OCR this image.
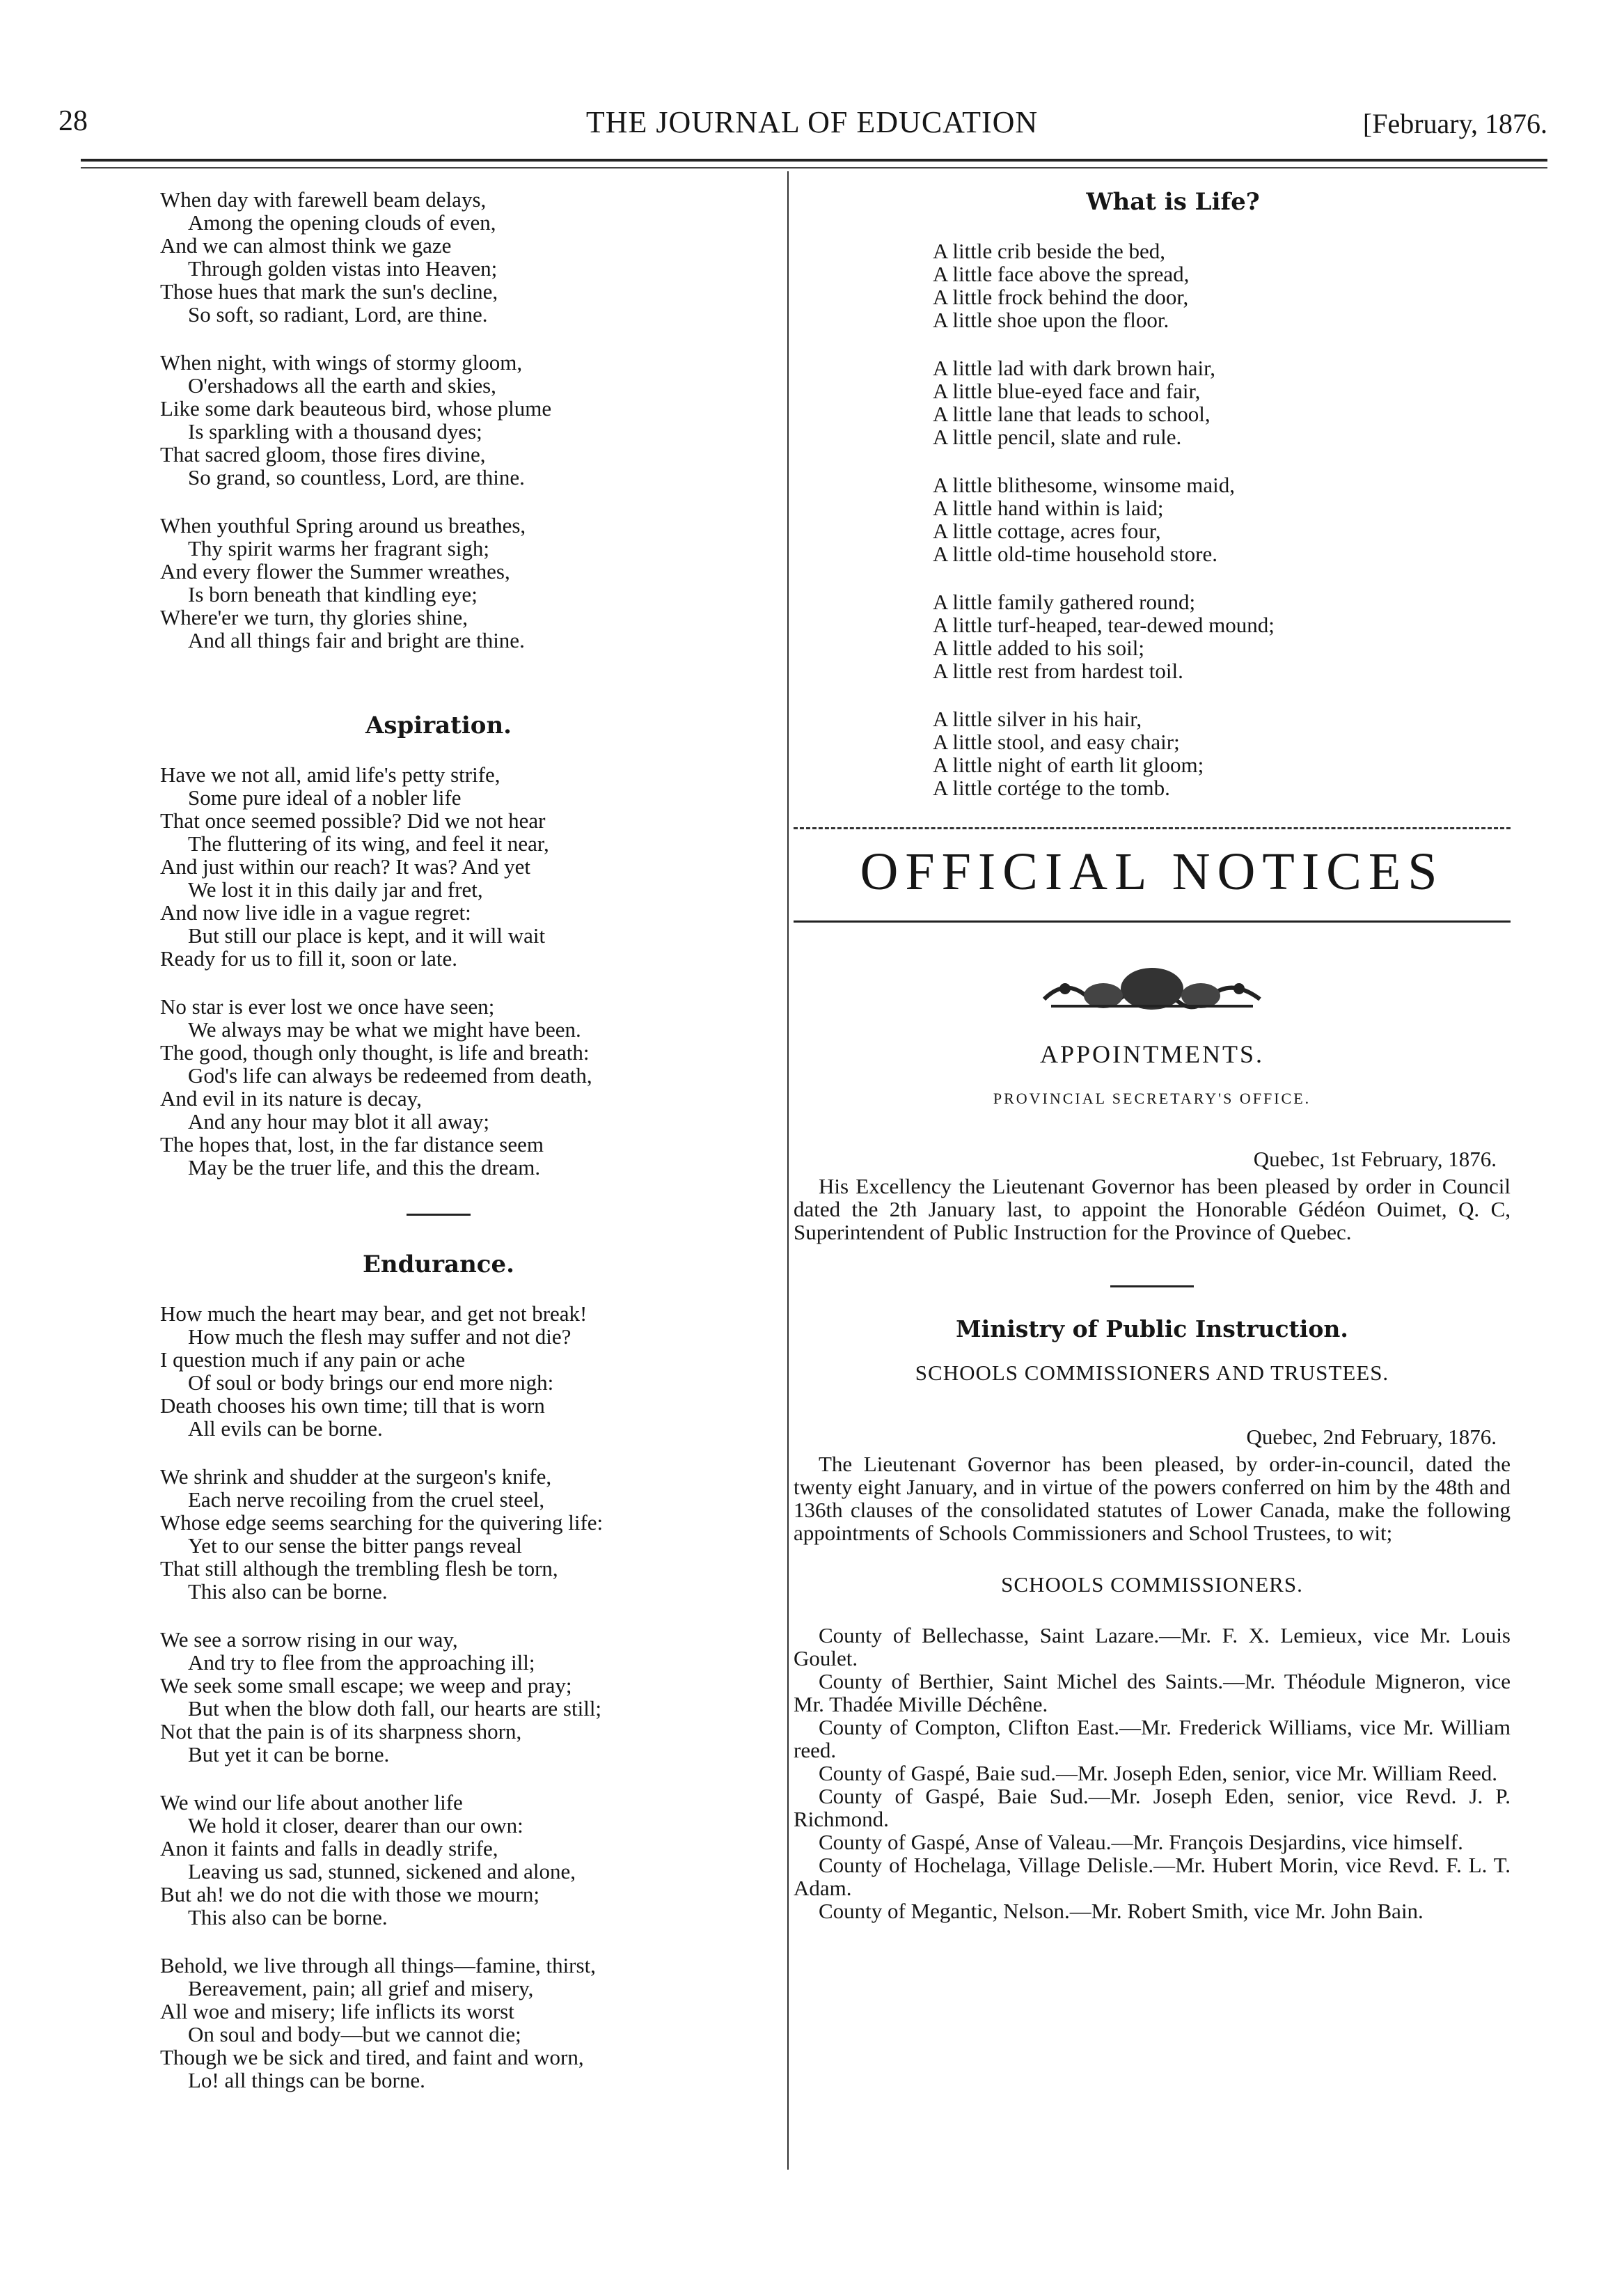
28	THE JOURNAL OF EDUCATION	[February, 1876.
When day with farewell beam delays,
Among the opening clouds of even,
And we can almost think we gaze
Through golden vistas into Heaven;
Those hues that mark the sun's decline,
So soft, so radiant, Lord, are thine.
When night, with wings of stormy gloom,
O'ershadows all the earth and skies,
Like some dark beauteous bird, whose plume
Is sparkling with a thousand dyes;
That sacred gloom, those fires divine,
So grand, so countless, Lord, are thine.
When youthful Spring around us breathes,
Thy spirit warms her fragrant sigh;
And every flower the Summer wreathes,
Is born beneath that kindling eye;
Where'er we turn, thy glories shine,
And all things fair and bright are thine.
Aspiration.
Have we not all, amid life's petty strife,
Some pure ideal of a nobler life
That once seemed possible? Did we not hear
The fluttering of its wing, and feel it near,
And just within our reach? It was? And yet
We lost it in this daily jar and fret,
And now live idle in a vague regret:
But still our place is kept, and it will wait
Ready for us to fill it, soon or late.
No star is ever lost we once have seen;
We always may be what we might have been.
The good, though only thought, is life and breath:
God's life can always be redeemed from death,
And evil in its nature is decay,
And any hour may blot it all away;
The hopes that, lost, in the far distance seem
May be the truer life, and this the dream.
Endurance.
How much the heart may bear, and get not break!
How much the flesh may suffer and not die?
I question much if any pain or ache
Of soul or body brings our end more nigh:
Death chooses his own time; till that is worn
All evils can be borne.
We shrink and shudder at the surgeon's knife,
Each nerve recoiling from the cruel steel,
Whose edge seems searching for the quivering life:
Yet to our sense the bitter pangs reveal
That still although the trembling flesh be torn,
This also can be borne.
We see a sorrow rising in our way,
And try to flee from the approaching ill;
We seek some small escape; we weep and pray;
But when the blow doth fall, our hearts are still;
Not that the pain is of its sharpness shorn,
But yet it can be borne.
We wind our life about another life
We hold it closer, dearer than our own:
Anon it faints and falls in deadly strife,
Leaving us sad, stunned, sickened and alone,
But ah! we do not die with those we mourn;
This also can be borne.
Behold, we live through all things—famine, thirst,
Bereavement, pain; all grief and misery,
All woe and misery; life inflicts its worst
On soul and body—but we cannot die;
Though we be sick and tired, and faint and worn,
Lo! all things can be borne.
What is Life?
A little crib beside the bed,
A little face above the spread,
A little frock behind the door,
A little shoe upon the floor.
A little lad with dark brown hair,
A little blue-eyed face and fair,
A little lane that leads to school,
A little pencil, slate and rule.
A little blithesome, winsome maid,
A little hand within is laid;
A little cottage, acres four,
A little old-time household store.
A little family gathered round;
A little turf-heaped, tear-dewed mound;
A little added to his soil;
A little rest from hardest toil.
A little silver in his hair,
A little stool, and easy chair;
A little night of earth lit gloom;
A little cortége to the tomb.
OFFICIAL NOTICES
APPOINTMENTS.
PROVINCIAL SECRETARY'S OFFICE.
Quebec, 1st February, 1876.

His Excellency the Lieutenant Governor has been pleased by order in Council dated the 2th January last, to appoint the Honorable Gédéon Ouimet, Q. C, Superintendent of Public Instruction for the Province of Quebec.

Ministry of Public Instruction.
SCHOOLS COMMISSIONERS AND TRUSTEES.
Quebec, 2nd February, 1876.

The Lieutenant Governor has been pleased, by order-in-council, dated the twenty eight January, and in virtue of the powers conferred on him by the 48th and 136th clauses of the consolidated statutes of Lower Canada, make the following appointments of Schools Commissioners and School Trustees, to wit;

SCHOOLS COMMISSIONERS.

County of Bellechasse, Saint Lazare.—Mr. F. X. Lemieux, vice Mr. Louis Goulet.

County of Berthier, Saint Michel des Saints.—Mr. Théodule Migneron, vice Mr. Thadée Miville Déchêne.

County of Compton, Clifton East.—Mr. Frederick Williams, vice Mr. William reed.

County of Gaspé, Baie sud.—Mr. Joseph Eden, senior, vice Mr. William Reed.

County of Gaspé, Baie Sud.—Mr. Joseph Eden, senior, vice Revd. J. P. Richmond.

County of Gaspé, Anse of Valeau.—Mr. François Desjardins, vice himself.

County of Hochelaga, Village Delisle.—Mr. Hubert Morin, vice Revd. F. L. T. Adam.

County of Megantic, Nelson.—Mr. Robert Smith, vice Mr. John Bain.
